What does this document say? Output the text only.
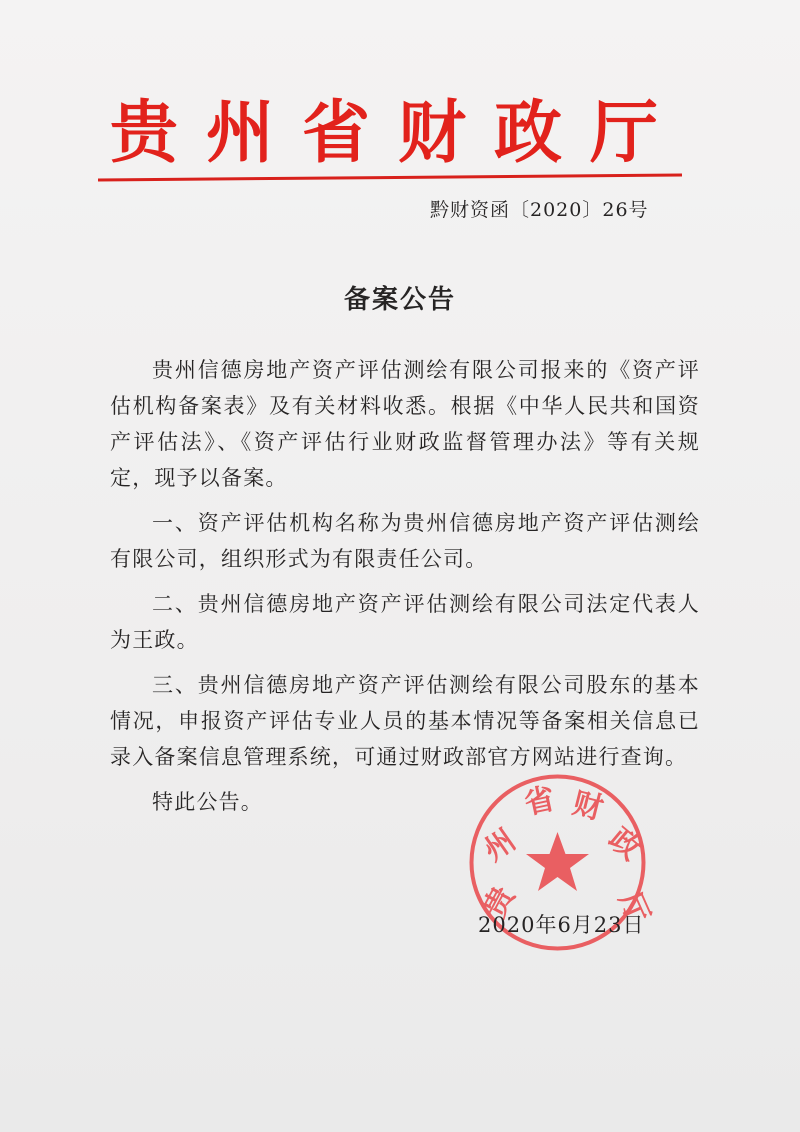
贵州省财政厅
黔财资函〔2020〕26号
备案公告

贵州信德房地产资产评估测绘有限公司报来的《资产评估机构备案表》及有关材料收悉。根据《中华人民共和国资产评估法》、《资产评估行业财政监督管理办法》等有关规定，现予以备案。

一、资产评估机构名称为贵州信德房地产资产评估测绘有限公司，组织形式为有限责任公司。

二、贵州信德房地产资产评估测绘有限公司法定代表人为王政。

三、贵州信德房地产资产评估测绘有限公司股东的基本情况，申报资产评估专业人员的基本情况等备案相关信息已录入备案信息管理系统，可通过财政部官方网站进行查询。

特此公告。

贵
州
省 财
政
厅
2020年6月23日
